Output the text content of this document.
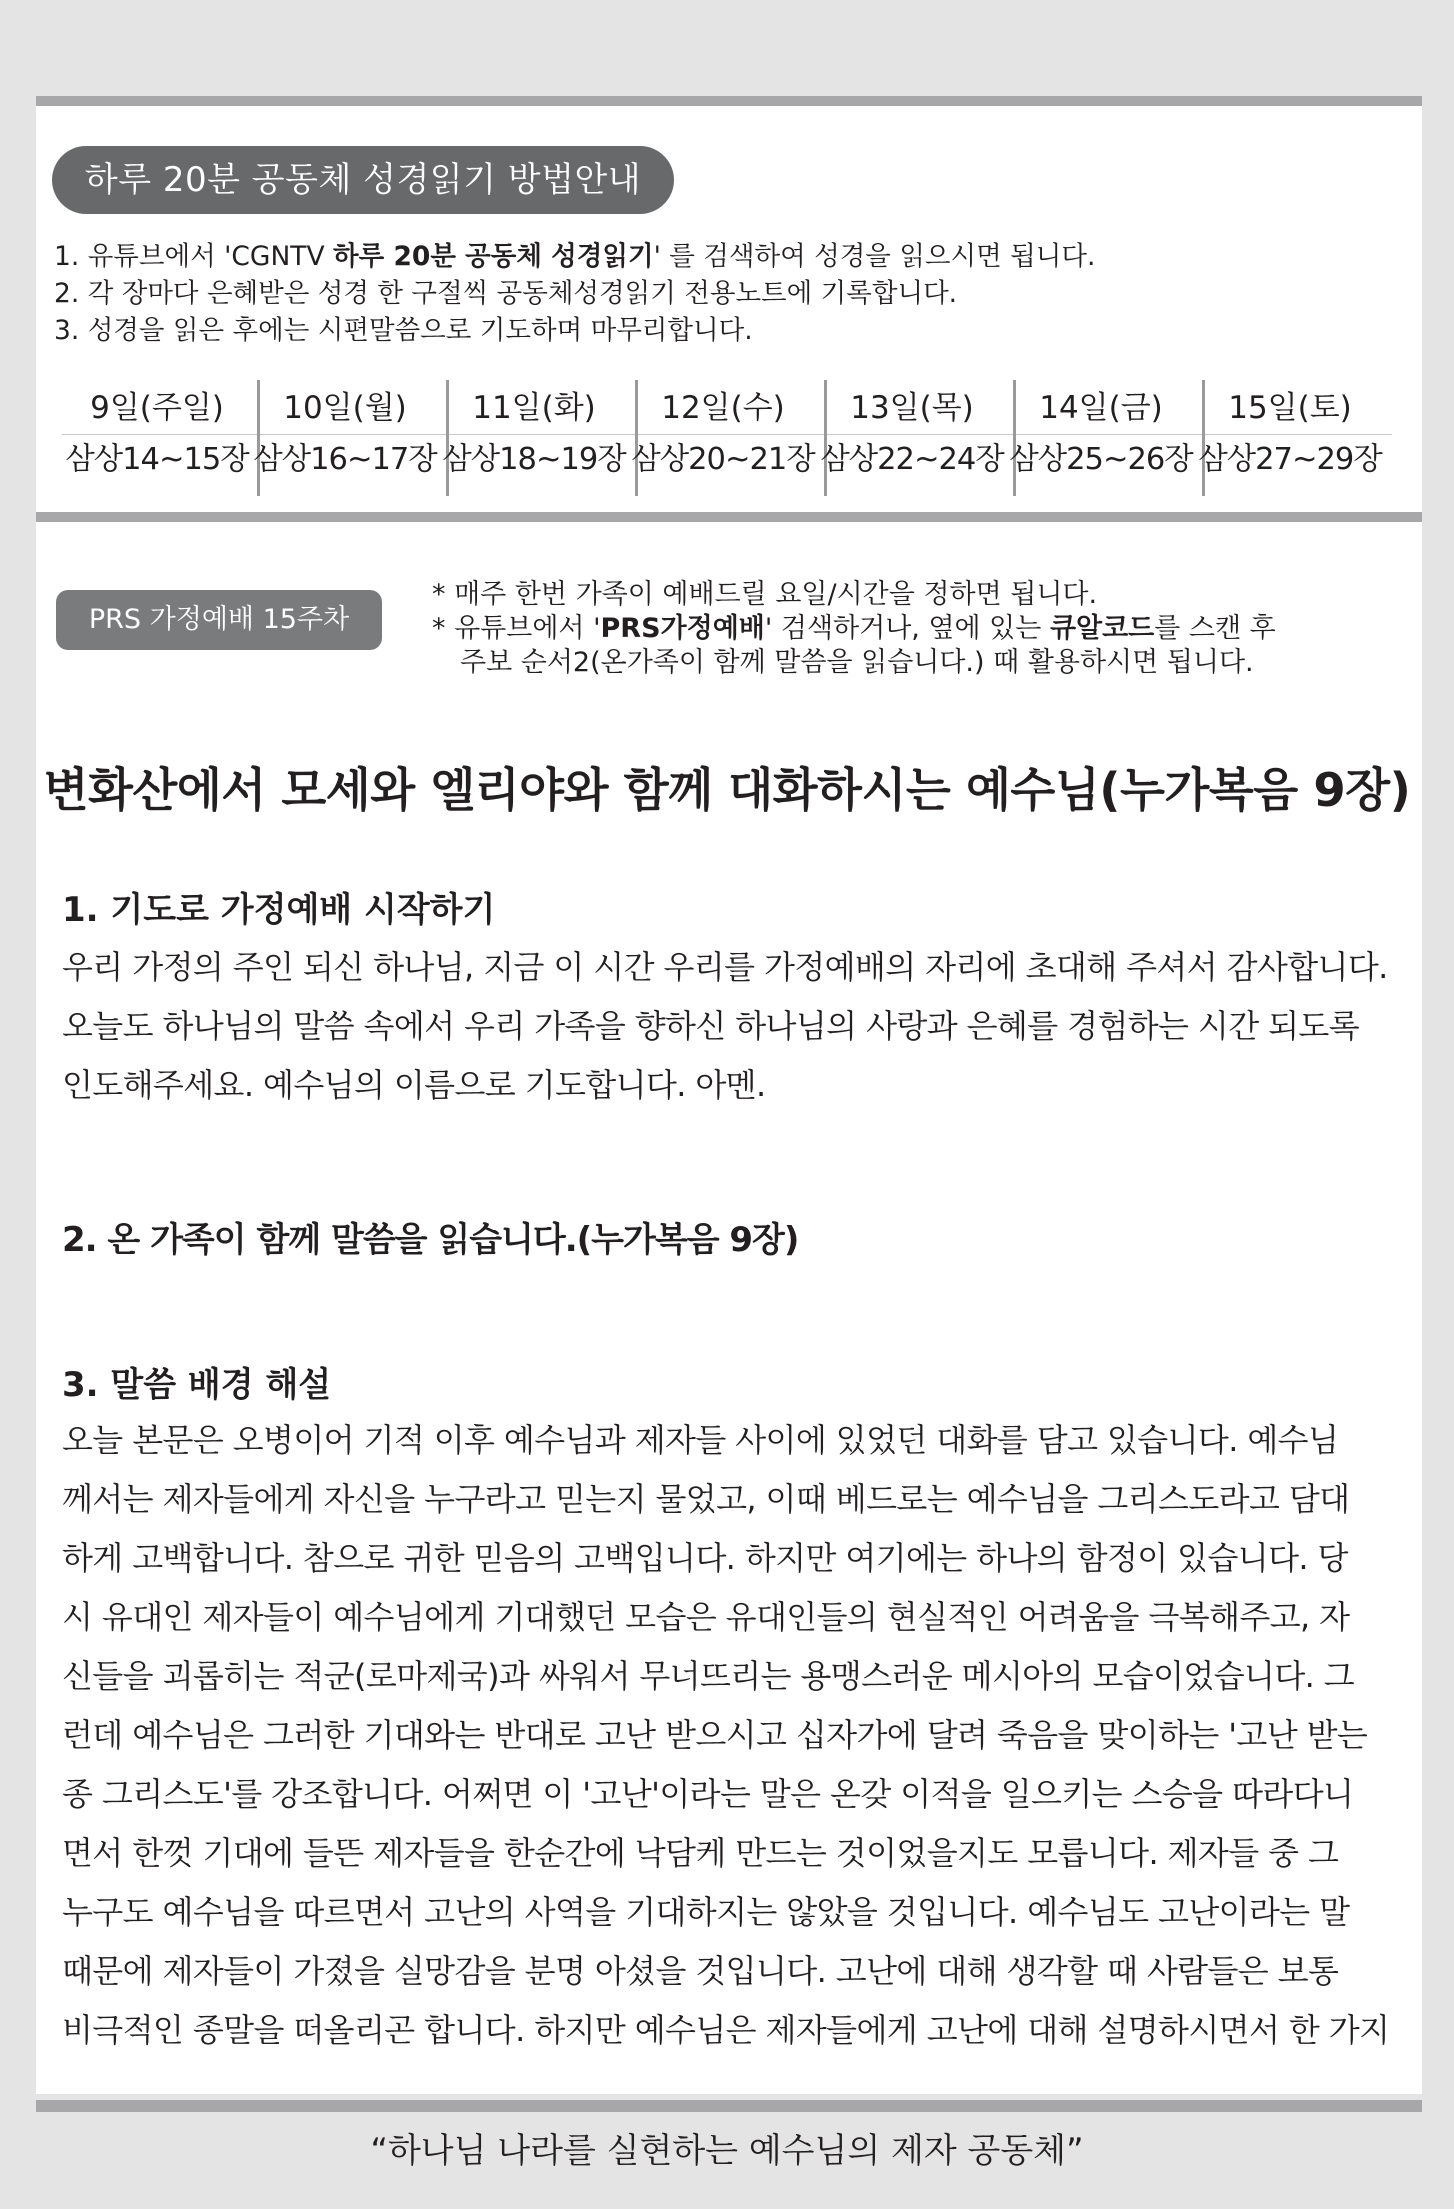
하루 20분 공동체 성경읽기 방법안내
1. 유튜브에서 'CGNTV 하루 20분 공동체 성경읽기' 를 검색하여 성경을 읽으시면 됩니다.
2. 각 장마다 은혜받은 성경 한 구절씩 공동체성경읽기 전용노트에 기록합니다.
3. 성경을 읽은 후에는 시편말씀으로 기도하며 마무리합니다.
9일(주일)
삼상14~15장
10일(월)
삼상16~17장
11일(화)
삼상18~19장
12일(수)
삼상20~21장
13일(목)
삼상22~24장
14일(금)
삼상25~26장
15일(토)
삼상27~29장
PRS 가정예배 15주차
* 매주 한번 가족이 예배드릴 요일/시간을 정하면 됩니다.
* 유튜브에서 'PRS가정예배' 검색하거나, 옆에 있는 큐알코드를 스캔 후
주보 순서2(온가족이 함께 말씀을 읽습니다.) 때 활용하시면 됩니다.
변화산에서 모세와 엘리야와 함께 대화하시는 예수님(누가복음 9장)
1. 기도로 가정예배 시작하기
우리 가정의 주인 되신 하나님, 지금 이 시간 우리를 가정예배의 자리에 초대해 주셔서 감사합니다.
오늘도 하나님의 말씀 속에서 우리 가족을 향하신 하나님의 사랑과 은혜를 경험하는 시간 되도록
인도해주세요. 예수님의 이름으로 기도합니다. 아멘.
2. 온 가족이 함께 말씀을 읽습니다.(누가복음 9장)
3. 말씀 배경 해설
오늘 본문은 오병이어 기적 이후 예수님과 제자들 사이에 있었던 대화를 담고 있습니다. 예수님
께서는 제자들에게 자신을 누구라고 믿는지 물었고, 이때 베드로는 예수님을 그리스도라고 담대
하게 고백합니다. 참으로 귀한 믿음의 고백입니다. 하지만 여기에는 하나의 함정이 있습니다. 당
시 유대인 제자들이 예수님에게 기대했던 모습은 유대인들의 현실적인 어려움을 극복해주고, 자
신들을 괴롭히는 적군(로마제국)과 싸워서 무너뜨리는 용맹스러운 메시아의 모습이었습니다. 그
런데 예수님은 그러한 기대와는 반대로 고난 받으시고 십자가에 달려 죽음을 맞이하는 '고난 받는
종 그리스도'를 강조합니다. 어쩌면 이 '고난'이라는 말은 온갖 이적을 일으키는 스승을 따라다니
면서 한껏 기대에 들뜬 제자들을 한순간에 낙담케 만드는 것이었을지도 모릅니다. 제자들 중 그
누구도 예수님을 따르면서 고난의 사역을 기대하지는 않았을 것입니다. 예수님도 고난이라는 말
때문에 제자들이 가졌을 실망감을 분명 아셨을 것입니다. 고난에 대해 생각할 때 사람들은 보통
비극적인 종말을 떠올리곤 합니다. 하지만 예수님은 제자들에게 고난에 대해 설명하시면서 한 가지
“하나님 나라를 실현하는 예수님의 제자 공동체”
